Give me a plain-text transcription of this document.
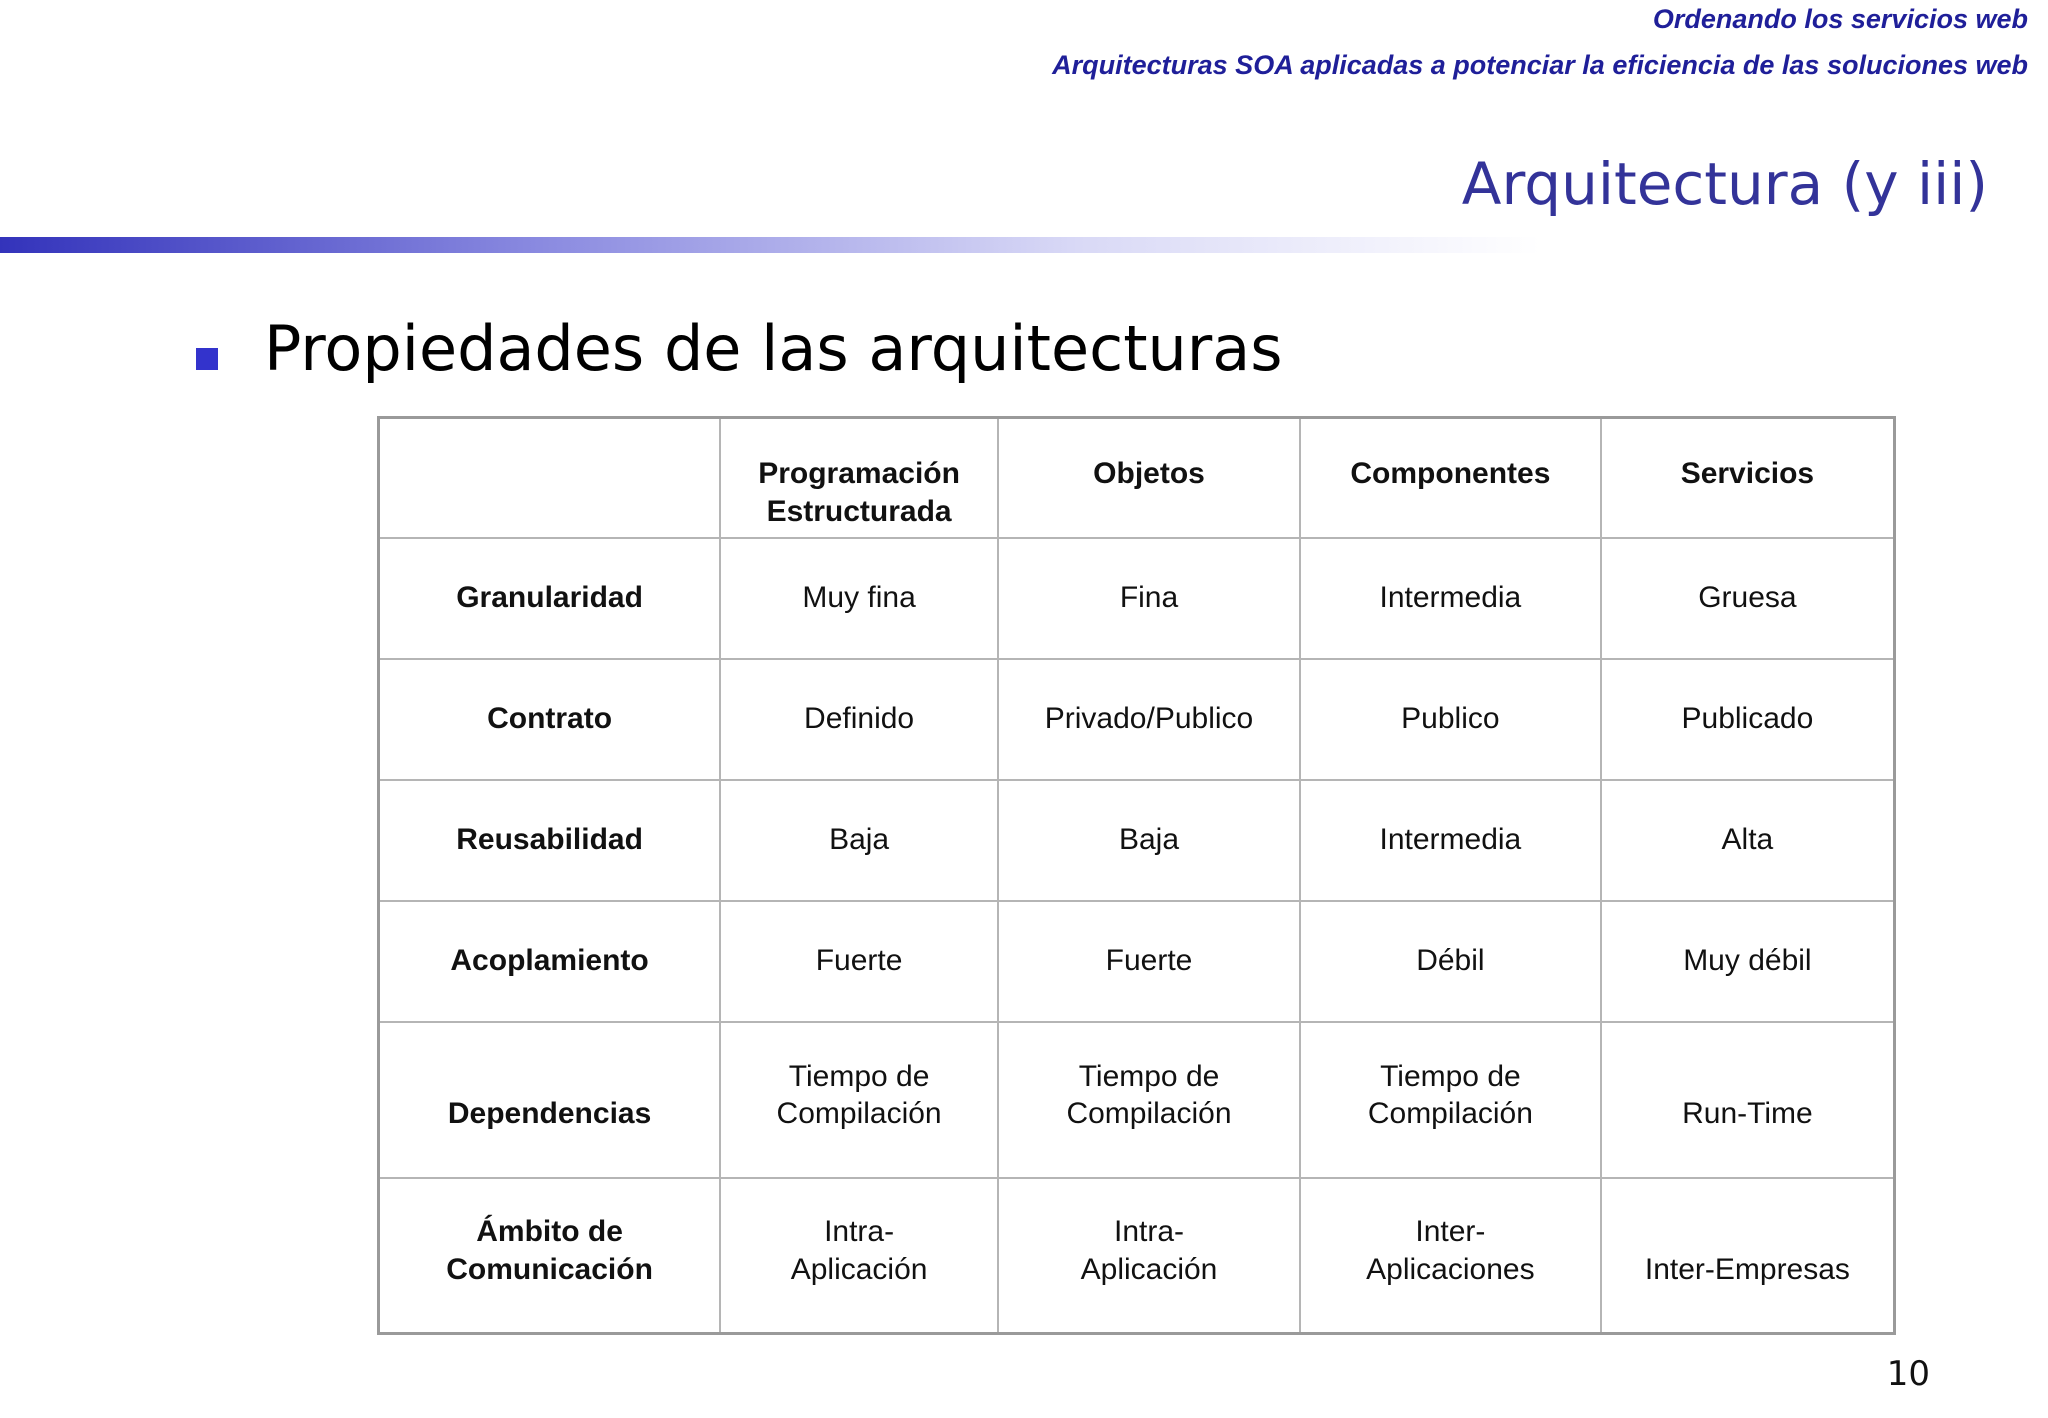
Ordenando los servicios web
Arquitecturas SOA aplicadas a potenciar la eficiencia de las soluciones web
Arquitectura (y iii)
Propiedades de las arquitecturas
	Programación Estructurada	Objetos	Componentes	Servicios
Granularidad	Muy fina	Fina	Intermedia	Gruesa
Contrato	Definido	Privado/Publico	Publico	Publicado
Reusabilidad	Baja	Baja	Intermedia	Alta
Acoplamiento	Fuerte	Fuerte	Débil	Muy débil
Dependencias	Tiempo de Compilación	Tiempo de Compilación	Tiempo de Compilación	Run-Time
Ámbito de Comunicación	Intra-Aplicación	Intra-Aplicación	Inter-Aplicaciones	Inter-Empresas
10
